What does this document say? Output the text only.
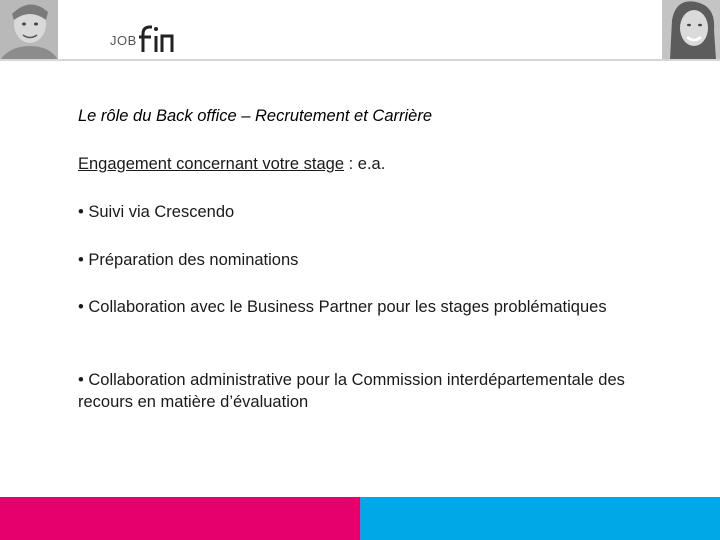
JOB
Le rôle du Back office – Recrutement et Carrière
Engagement concernant votre stage : e.a.
• Suivi via Crescendo
• Préparation des nominations
• Collaboration avec le Business Partner pour les stages problématiques
• Collaboration administrative pour la Commission interdépartementale des recours en matière d’évaluation
